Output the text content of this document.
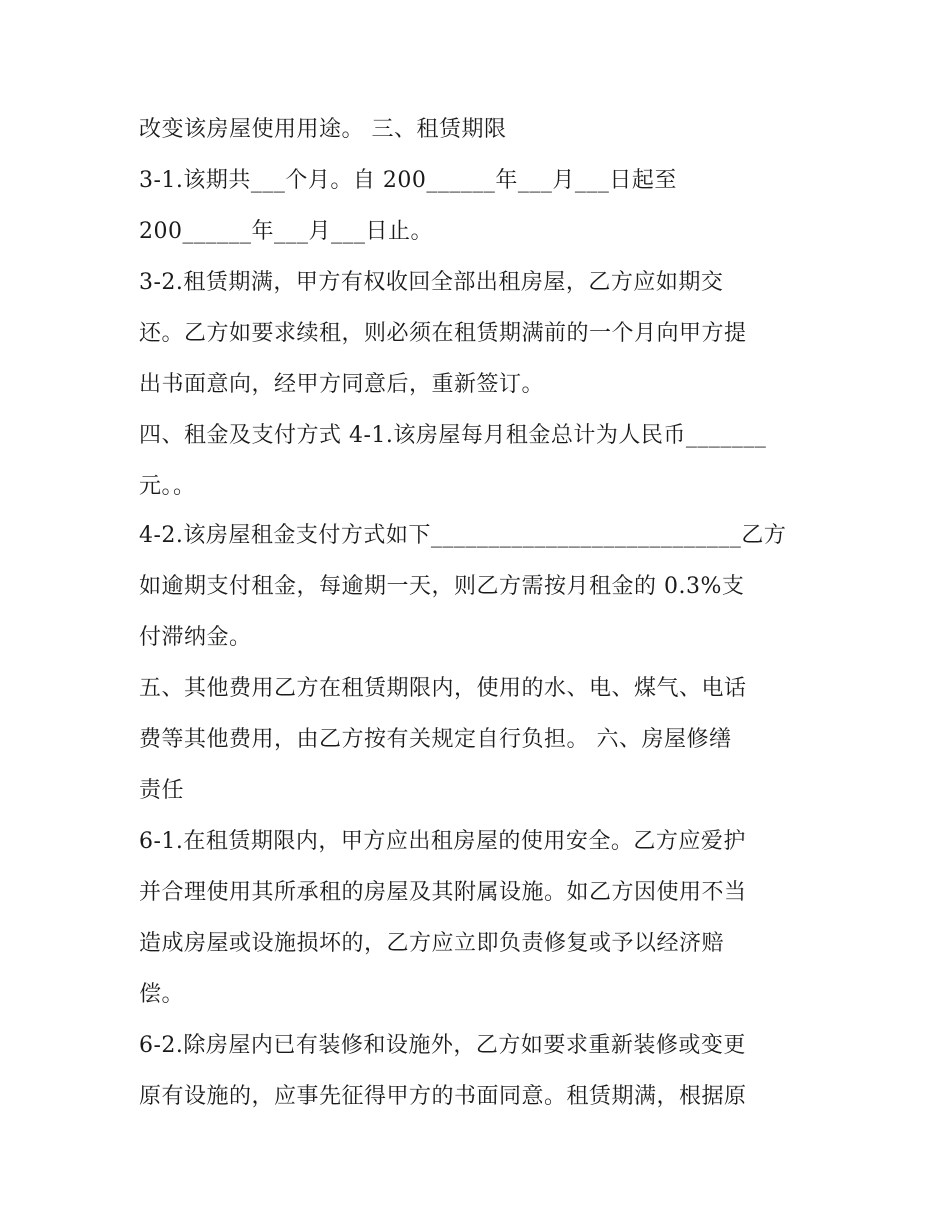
改变该房屋使用用途。 三、租赁期限
3-1.该期共___个月。自 200______年___月___日起至
200______年___月___日止。
3-2.租赁期满，甲方有权收回全部出租房屋，乙方应如期交
还。乙方如要求续租，则必须在租赁期满前的一个月向甲方提
出书面意向，经甲方同意后，重新签订。
四、租金及支付方式 4-1.该房屋每月租金总计为人民币_______
元。。
4-2.该房屋租金支付方式如下___________________________乙方
如逾期支付租金，每逾期一天，则乙方需按月租金的 0.3%支
付滞纳金。
五、其他费用乙方在租赁期限内，使用的水、电、煤气、电话
费等其他费用，由乙方按有关规定自行负担。 六、房屋修缮
责任
6-1.在租赁期限内，甲方应出租房屋的使用安全。乙方应爱护
并合理使用其所承租的房屋及其附属设施。如乙方因使用不当
造成房屋或设施损坏的，乙方应立即负责修复或予以经济赔
偿。
6-2.除房屋内已有装修和设施外，乙方如要求重新装修或变更
原有设施的，应事先征得甲方的书面同意。租赁期满，根据原
